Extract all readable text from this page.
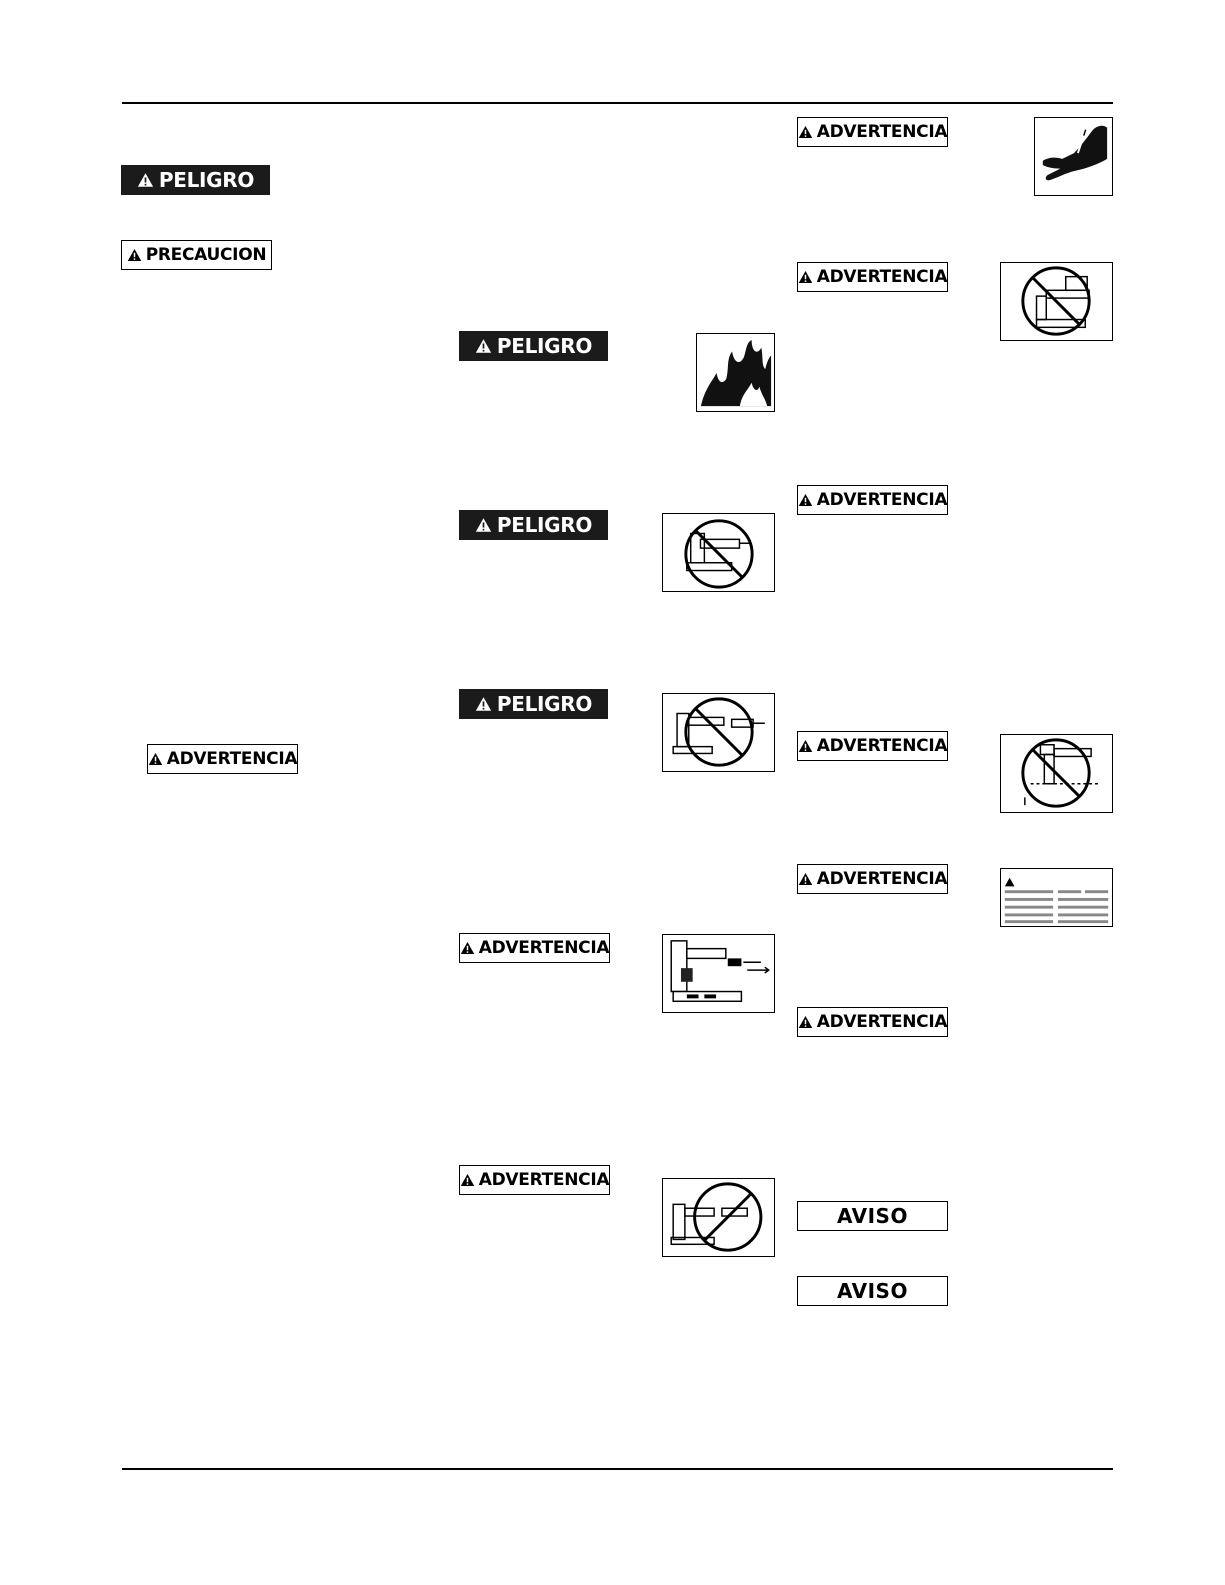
PELIGRO
PRECAUCION
ADVERTENCIA
PELIGRO
PELIGRO
PELIGRO
ADVERTENCIA
ADVERTENCIA
ADVERTENCIA
ADVERTENCIA
ADVERTENCIA
ADVERTENCIA
ADVERTENCIA
ADVERTENCIA
AVISO
AVISO
